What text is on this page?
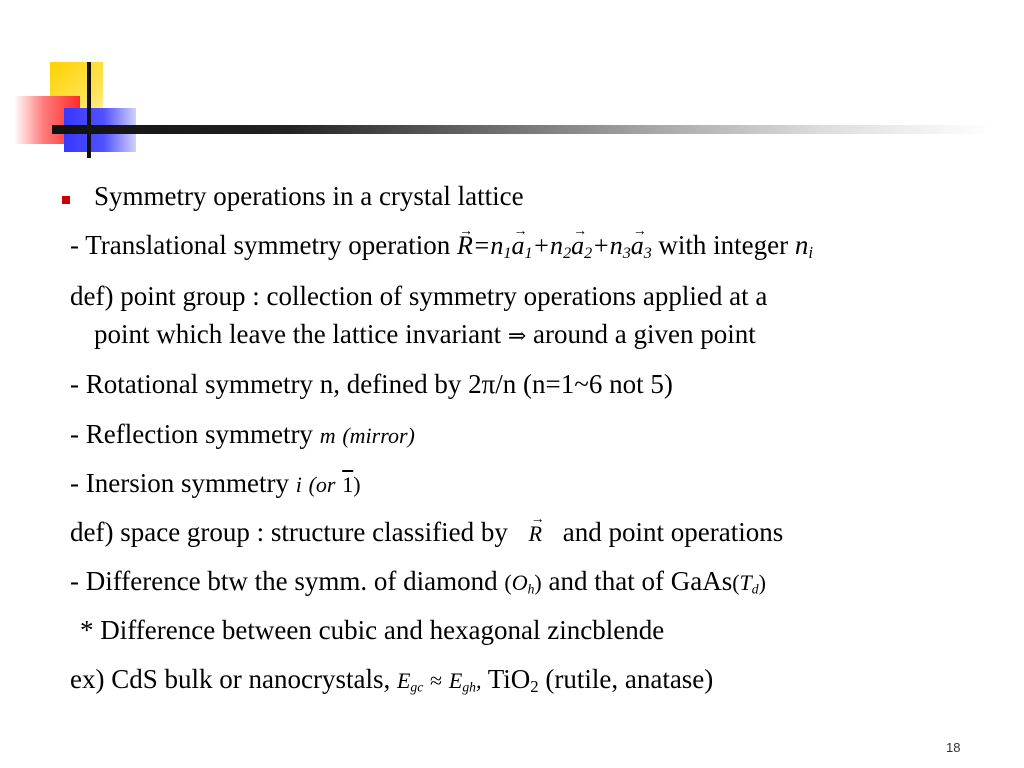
Symmetry operations in a crystal lattice
- Translational symmetry operation → $R=n_1\to a_1+n_2\to a_2+n_3\to a_3$ with integer $n_i$
def) point group : collection of symmetry operations applied at a
point which leave the lattice invariant ⇒ around a given point
- Rotational symmetry n, defined by 2π/n (n=1~6 not 5)
- Reflection symmetry m (mirror)
- Inersion symmetry i (or 1)
def) space group : structure classified by → R and point operations
- Difference btw the symm. of diamond $(O_h)$ and that of $GaAs(T_d)$
* Difference between cubic and hexagonal zincblende
ex) CdS bulk or nanocrystals, $E_{gc} \approx E_{gh}$, TiO$_2$ (rutile, anatase)
18
